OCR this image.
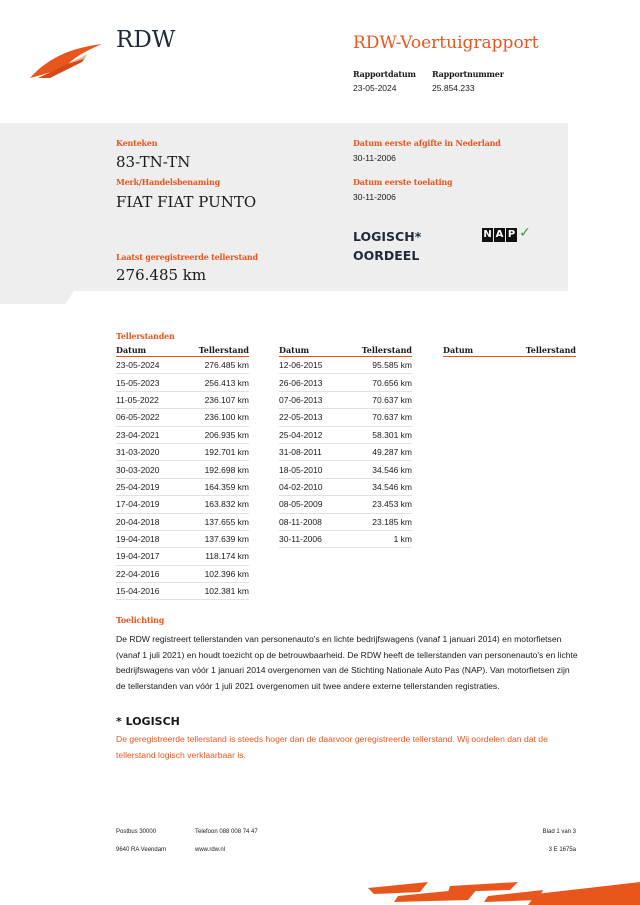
RDW	RDW-Voertuigrapport
Rapportdatum
23-05-2024
Rapportnummer
25.854.233
Kenteken
83-TN-TN
Merk/Handelsbenaming
FIAT FIAT PUNTO
Datum eerste afgifte in Nederland
30-11-2006
Datum eerste toelating
30-11-2006
LOGISCH*
OORDEEL
N A P ✓
Laatst geregistreerde tellerstand
276.485 km
Tellerstanden
Datum	Tellerstand
23-05-2024	276.485 km
15-05-2023	256.413 km
11-05-2022	236.107 km
06-05-2022	236.100 km
23-04-2021	206.935 km
31-03-2020	192.701 km
30-03-2020	192.698 km
25-04-2019	164.359 km
17-04-2019	163.832 km
20-04-2018	137.655 km
19-04-2018	137.639 km
19-04-2017	118.174 km
22-04-2016	102.396 km
15-04-2016	102.381 km
Datum	Tellerstand
12-06-2015	95.585 km
26-06-2013	70.656 km
07-06-2013	70.637 km
22-05-2013	70.637 km
25-04-2012	58.301 km
31-08-2011	49.287 km
18-05-2010	34.546 km
04-02-2010	34.546 km
08-05-2009	23.453 km
08-11-2008	23.185 km
30-11-2006	1 km
Datum	Tellerstand
Toelichting
De RDW registreert tellerstanden van personenauto's en lichte bedrijfswagens (vanaf 1 januari 2014) en motorfietsen (vanaf 1 juli 2021) en houdt toezicht op de betrouwbaarheid. De RDW heeft de tellerstanden van personenauto's en lichte bedrijfswagens van vóór 1 januari 2014 overgenomen van de Stichting Nationale Auto Pas (NAP). Van motorfietsen zijn de tellerstanden van vóór 1 juli 2021 overgenomen uit twee andere externe tellerstanden registraties.
* LOGISCH
De geregistreerde tellerstand is steeds hoger dan de daarvoor geregistreerde tellerstand. Wij oordelen dan dat de tellerstand logisch verklaarbaar is.
Postbus 30000
9640 RA Veendam
Telefoon 088 008 74 47
www.rdw.nl
Blad 1 van 3
3 E 1675a
